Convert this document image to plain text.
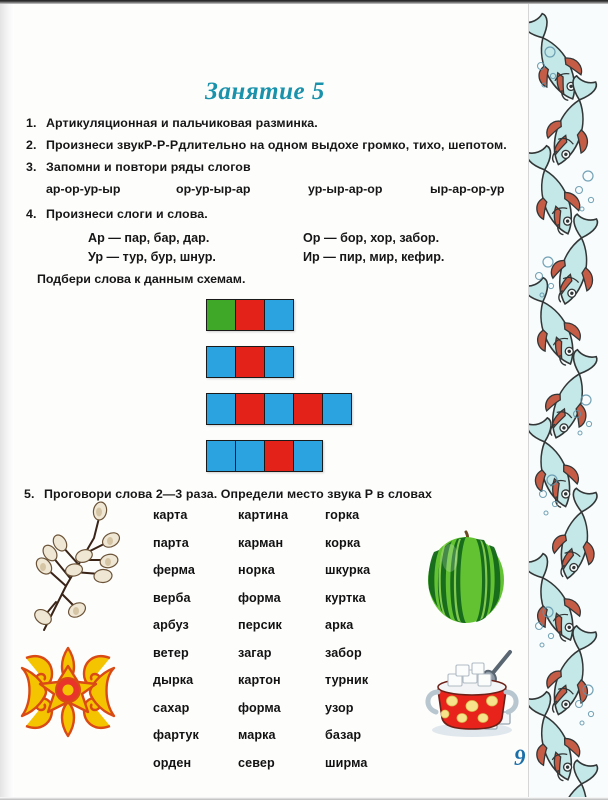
Занятие 5
1. Артикуляционная и пальчиковая разминка.
2. Произнеси звук Р-Р-Р длительно на одном выдохе громко, тихо, шепотом.
3. Запомни и повтори ряды слогов
ар-ор-ур-ыр	ор-ур-ыр-ар	ур-ыр-ар-ор	ыр-ар-ор-ур
4. Произнеси слоги и слова.
Ар — пар, бар, дар.	Ор — бор, хор, забор.
Ур — тур, бур, шнур.	Ир — пир, мир, кефир.
Подбери слова к данным схемам.
5. Проговори слова 2—3 раза. Определи место звука Р в словах
карта	картина	горка
парта	карман	корка
ферма	норка	шкурка
верба	форма	куртка
арбуз	персик	арка
ветер	загар	забор
дырка	картон	турник
сахар	форма	узор
фартук	марка	базар
орден	север	ширма	9
